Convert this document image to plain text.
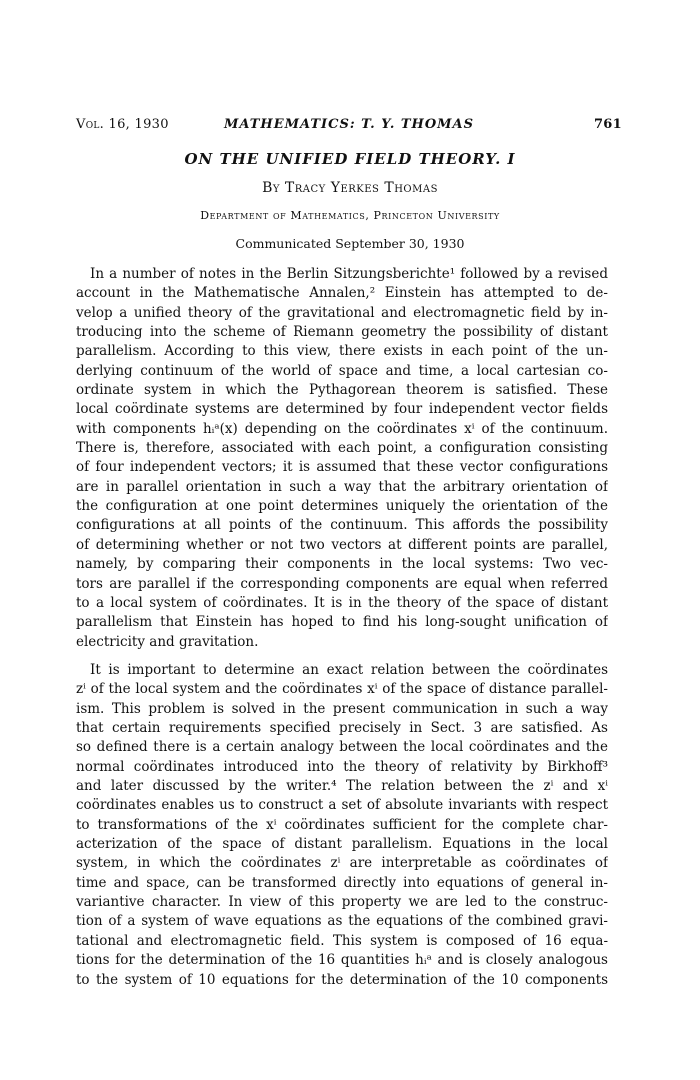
Vol. 16, 1930	MATHEMATICS: T. Y. THOMAS	761
ON THE UNIFIED FIELD THEORY. I
By Tracy Yerkes Thomas
Department of Mathematics, Princeton University
Communicated September 30, 1930
In a number of notes in the Berlin Sitzungsberichte¹ followed by a revised
account in the Mathematische Annalen,² Einstein has attempted to de-
velop a unified theory of the gravitational and electromagnetic field by in-
troducing into the scheme of Riemann geometry the possibility of distant
parallelism. According to this view, there exists in each point of the un-
derlying continuum of the world of space and time, a local cartesian co-
ordinate system in which the Pythagorean theorem is satisfied. These
local coördinate systems are determined by four independent vector fields
with components hᵢᵃ(x) depending on the coördinates xⁱ of the continuum.
There is, therefore, associated with each point, a configuration consisting
of four independent vectors; it is assumed that these vector configurations
are in parallel orientation in such a way that the arbitrary orientation of
the configuration at one point determines uniquely the orientation of the
configurations at all points of the continuum. This affords the possibility
of determining whether or not two vectors at different points are parallel,
namely, by comparing their components in the local systems: Two vec-
tors are parallel if the corresponding components are equal when referred
to a local system of coördinates. It is in the theory of the space of distant
parallelism that Einstein has hoped to find his long-sought unification of
electricity and gravitation.
It is important to determine an exact relation between the coördinates
zⁱ of the local system and the coördinates xⁱ of the space of distance parallel-
ism. This problem is solved in the present communication in such a way
that certain requirements specified precisely in Sect. 3 are satisfied. As
so defined there is a certain analogy between the local coördinates and the
normal coördinates introduced into the theory of relativity by Birkhoff³
and later discussed by the writer.⁴ The relation between the zⁱ and xⁱ
coördinates enables us to construct a set of absolute invariants with respect
to transformations of the xⁱ coördinates sufficient for the complete char-
acterization of the space of distant parallelism. Equations in the local
system, in which the coördinates zⁱ are interpretable as coördinates of
time and space, can be transformed directly into equations of general in-
variantive character. In view of this property we are led to the construc-
tion of a system of wave equations as the equations of the combined gravi-
tational and electromagnetic field. This system is composed of 16 equa-
tions for the determination of the 16 quantities hᵢᵃ and is closely analogous
to the system of 10 equations for the determination of the 10 components
